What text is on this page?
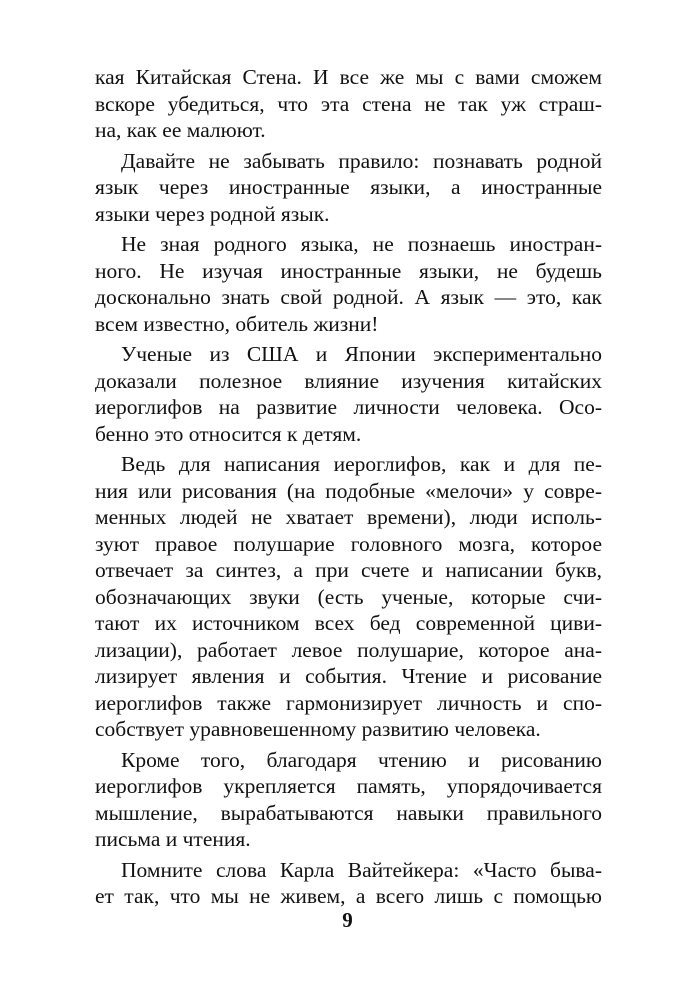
кая Китайская Стена. И все же мы с вами сможем
вскоре убедиться, что эта стена не так уж страш-
на, как ее малюют.
Давайте не забывать правило: познавать родной
язык через иностранные языки, а иностранные
языки через родной язык.
Не зная родного языка, не познаешь иностран-
ного. Не изучая иностранные языки, не будешь
досконально знать свой родной. А язык — это, как
всем известно, обитель жизни!
Ученые из США и Японии экспериментально
доказали полезное влияние изучения китайских
иероглифов на развитие личности человека. Осо-
бенно это относится к детям.
Ведь для написания иероглифов, как и для пе-
ния или рисования (на подобные «мелочи» у совре-
менных людей не хватает времени), люди исполь-
зуют правое полушарие головного мозга, которое
отвечает за синтез, а при счете и написании букв,
обозначающих звуки (есть ученые, которые счи-
тают их источником всех бед современной циви-
лизации), работает левое полушарие, которое ана-
лизирует явления и события. Чтение и рисование
иероглифов также гармонизирует личность и спо-
собствует уравновешенному развитию человека.
Кроме того, благодаря чтению и рисованию
иероглифов укрепляется память, упорядочивается
мышление, вырабатываются навыки правильного
письма и чтения.
Помните слова Карла Вайтейкера: «Часто быва-
ет так, что мы не живем, а всего лишь с помощью
9
